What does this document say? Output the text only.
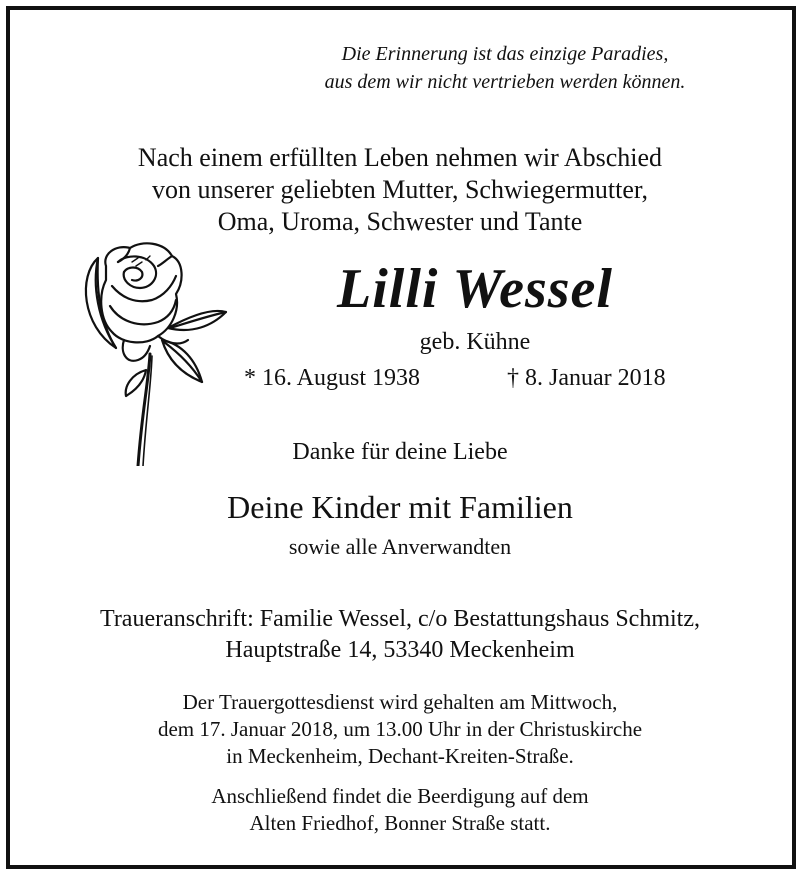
Die Erinnerung ist das einzige Paradies,
aus dem wir nicht vertrieben werden können.
Nach einem erfüllten Leben nehmen wir Abschied
von unserer geliebten Mutter, Schwiegermutter,
Oma, Uroma, Schwester und Tante
Lilli Wessel
geb. Kühne
* 16. August 1938	† 8. Januar 2018
Danke für deine Liebe
Deine Kinder mit Familien
sowie alle Anverwandten
Traueranschrift: Familie Wessel, c/o Bestattungshaus Schmitz,
Hauptstraße 14, 53340 Meckenheim
Der Trauergottesdienst wird gehalten am Mittwoch,
dem 17. Januar 2018, um 13.00 Uhr in der Christuskirche
in Meckenheim, Dechant-Kreiten-Straße.
Anschließend findet die Beerdigung auf dem
Alten Friedhof, Bonner Straße statt.
